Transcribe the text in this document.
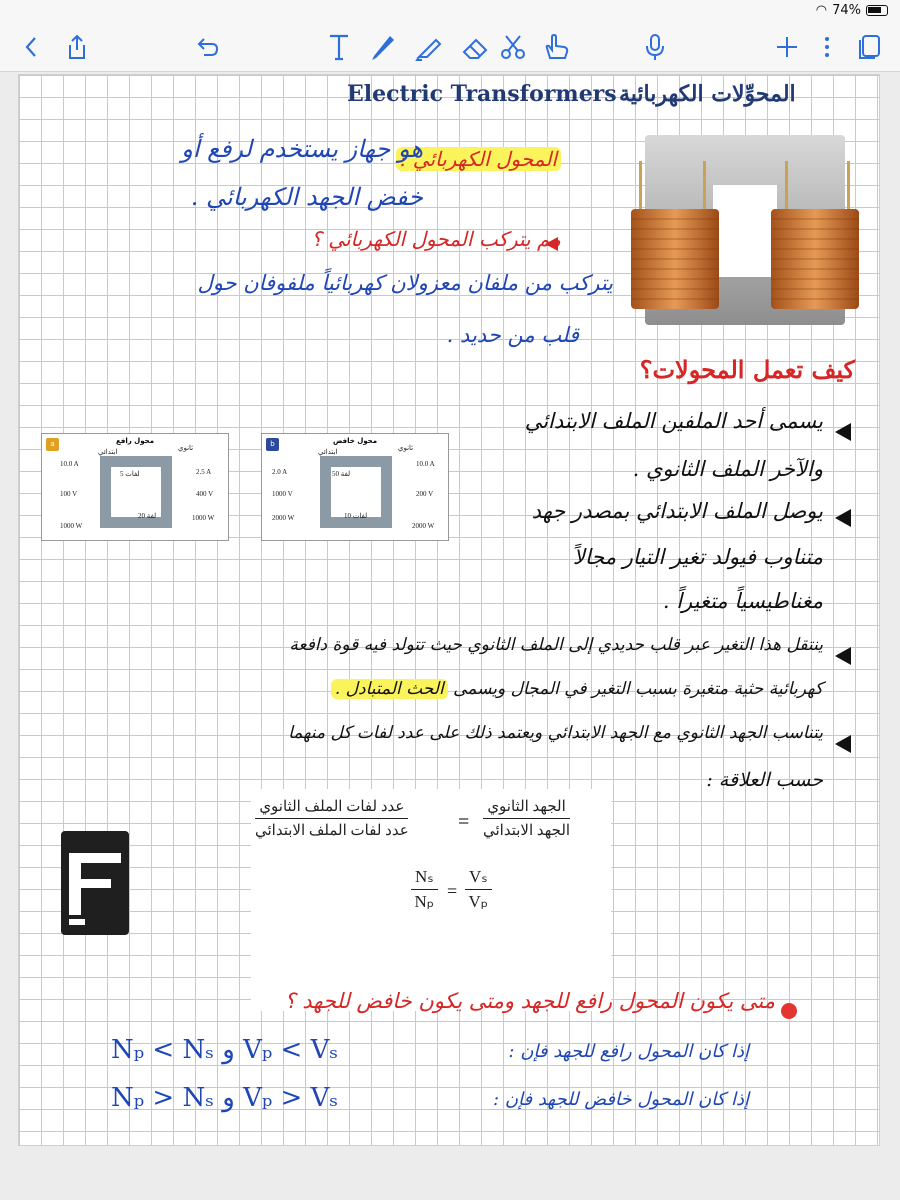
◠ 74%
Electric Transformers المحوِّلات الكهربائية
المحول الكهربائي :
هو جهاز يستخدم لرفع أو
خفض الجهد الكهربائي .
مم يتركب المحول الكهربائي ؟
يتركب من ملفان معزولان كهربائياً ملفوفان حول
قلب من حديد .
كيف تعمل المحولات؟
a	محول رافع
ابتدائي	ثانوي
10.0 A
100 V
1000 W
2.5 A
400 V
1000 W
5 لفات
20 لفة
قلب
b	محول خافض
ابتدائي	ثانوي
2.0 A
1000 V
2000 W
10.0 A
200 V
2000 W
50 لفة
10 لفات
قلب
يسمى أحد الملفين الملف الابتدائي
والآخر الملف الثانوي .
يوصل الملف الابتدائي بمصدر جهد
متناوب فيولد تغير التيار مجالاً
مغناطيسياً متغيراً .
ينتقل هذا التغير عبر قلب حديدي إلى الملف الثانوي حيث تتولد فيه قوة دافعة
كهربائية حثية متغيرة بسبب التغير في المجال ويسمى الحث المتبادل .
يتناسب الجهد الثانوي مع الجهد الابتدائي ويعتمد ذلك على عدد لفات كل منهما
حسب العلاقة :
عدد لفات الملف الثانوي
عدد لفات الملف الابتدائي =
الجهد الثانوي
الجهد الابتدائي
$\frac{\text{Nₛ}}{\text{Nₚ}} = \frac{\text{Vₛ}}{\text{Vₚ}}$
متى يكون المحول رافع للجهد ومتى يكون خافض للجهد ؟
إذا كان المحول رافع للجهد فإن :
Nₚ < Nₛ و Vₚ < Vₛ
إذا كان المحول خافض للجهد فإن :
Nₚ > Nₛ و Vₚ > Vₛ
